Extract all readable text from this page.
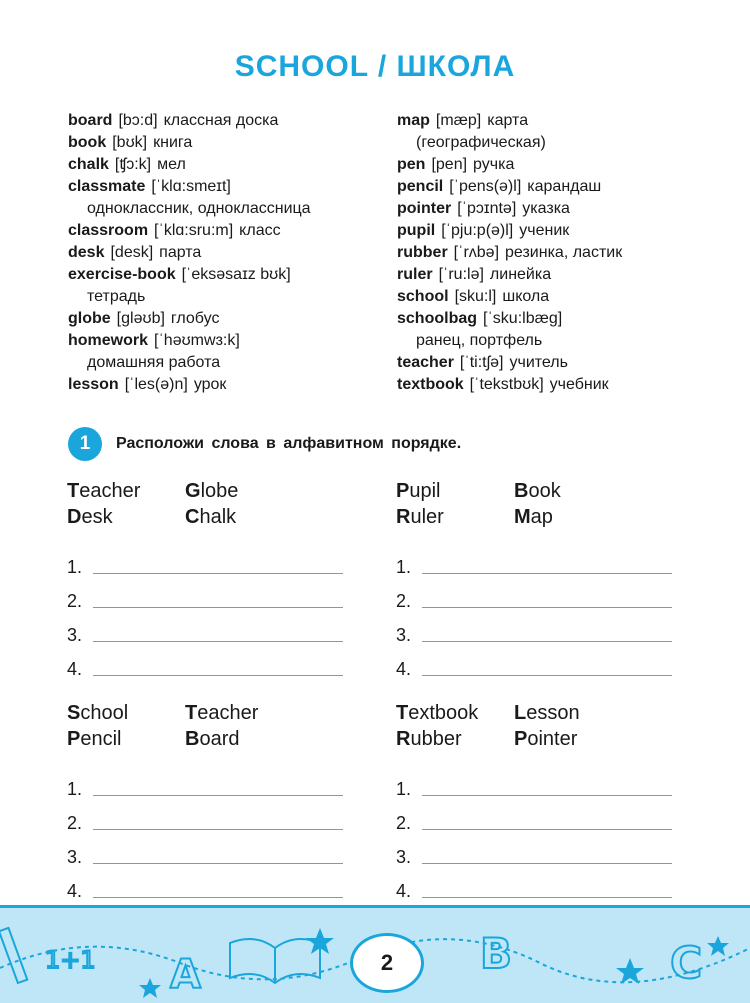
SCHOOL / ШКОЛА
board [bɔ:d] классная доска
book [bʊk] книга
chalk [ʧɔ:k] мел
classmate [ˈklɑ:smeɪt]
одноклассник, одноклассница
classroom [ˈklɑ:sru:m] класс
desk [desk] парта
exercise-book [ˈeksəsaɪz bʊk]
тетрадь
globe [gləʊb] глобус
homework [ˈhəʊmwɜ:k]
домашняя работа
lesson [ˈles(ə)n] урок
map [mæp] карта
(географическая)
pen [pen] ручка
pencil [ˈpens(ə)l] карандаш
pointer [ˈpɔɪntə] указка
pupil [ˈpju:p(ə)l] ученик
rubber [ˈrʌbə] резинка, ластик
ruler [ˈru:lə] линейка
school [sku:l] школа
schoolbag [ˈsku:lbæg]
ранец, портфель
teacher [ˈti:tʃə] учитель
textbook [ˈtekstbʊk] учебник
1	Расположи слова в алфавитном порядке.
Teacher	Globe
Desk	Chalk
1.
2.
3.
4.
Pupil	Book
Ruler	Map
1.
2.
3.
4.
School	Teacher
Pencil	Board
1.
2.
3.
4.
Textbook	Lesson
Rubber	Pointer
1.
2.
3.
4.
1+1 A	B	C
2
